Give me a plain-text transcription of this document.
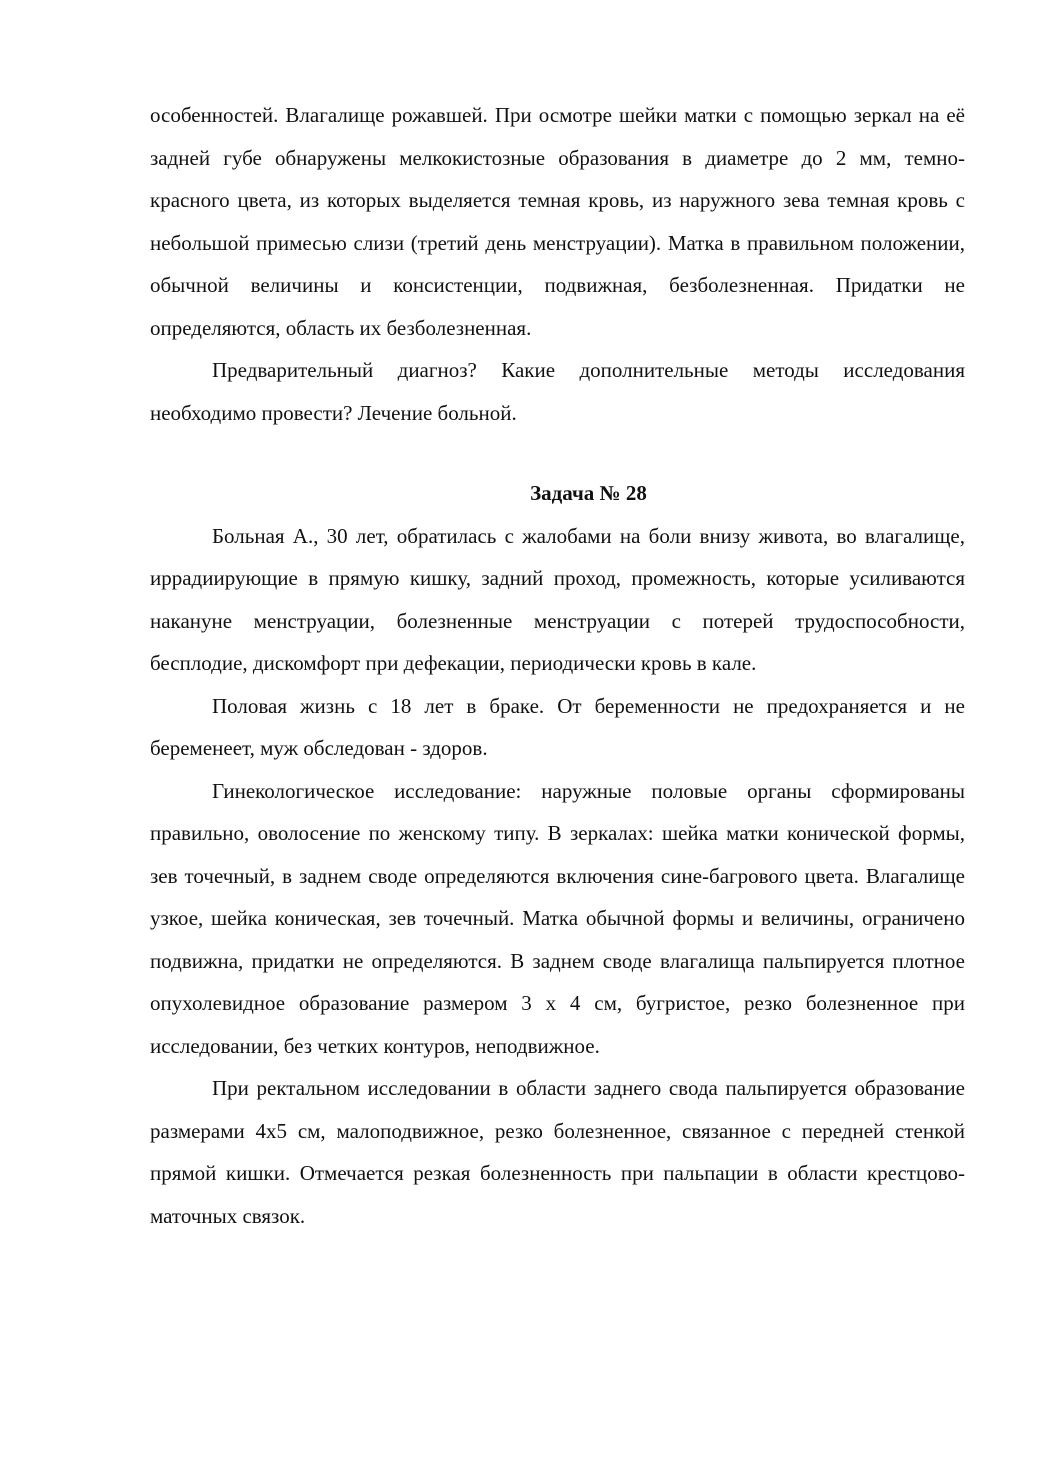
особенностей. Влагалище рожавшей. При осмотре шейки матки с помощью зеркал на её задней губе обнаружены мелкокистозные образования в диаметре до 2 мм, темно-красного цвета, из которых выделяется темная кровь, из наружного зева темная кровь с небольшой примесью слизи (третий день менструации). Матка в правильном положении, обычной величины и консистенции, подвижная, безболезненная. Придатки не определяются, область их безболезненная.

Предварительный диагноз? Какие дополнительные методы исследования необходимо провести? Лечение больной.

Задача № 28

Больная А., 30 лет, обратилась с жалобами на боли внизу живота, во влагалище, иррадиирующие в прямую кишку, задний проход, промежность, которые усиливаются накануне менструации, болезненные менструации с потерей трудоспособности, бесплодие, дискомфорт при дефекации, периодически кровь в кале.

Половая жизнь с 18 лет в браке. От беременности не предохраняется и не беременеет, муж обследован - здоров.

Гинекологическое исследование: наружные половые органы сформированы правильно, оволосение по женскому типу. В зеркалах: шейка матки конической формы, зев точечный, в заднем своде определяются включения сине-багрового цвета. Влагалище узкое, шейка коническая, зев точечный. Матка обычной формы и величины, ограничено подвижна, придатки не определяются. В заднем своде влагалища пальпируется плотное опухолевидное образование размером 3 х 4 см, бугристое, резко болезненное при исследовании, без четких контуров, неподвижное.

При ректальном исследовании в области заднего свода пальпируется образование размерами 4х5 см, малоподвижное, резко болезненное, связанное с передней стенкой прямой кишки. Отмечается резкая болезненность при пальпации в области крестцово-маточных связок.
